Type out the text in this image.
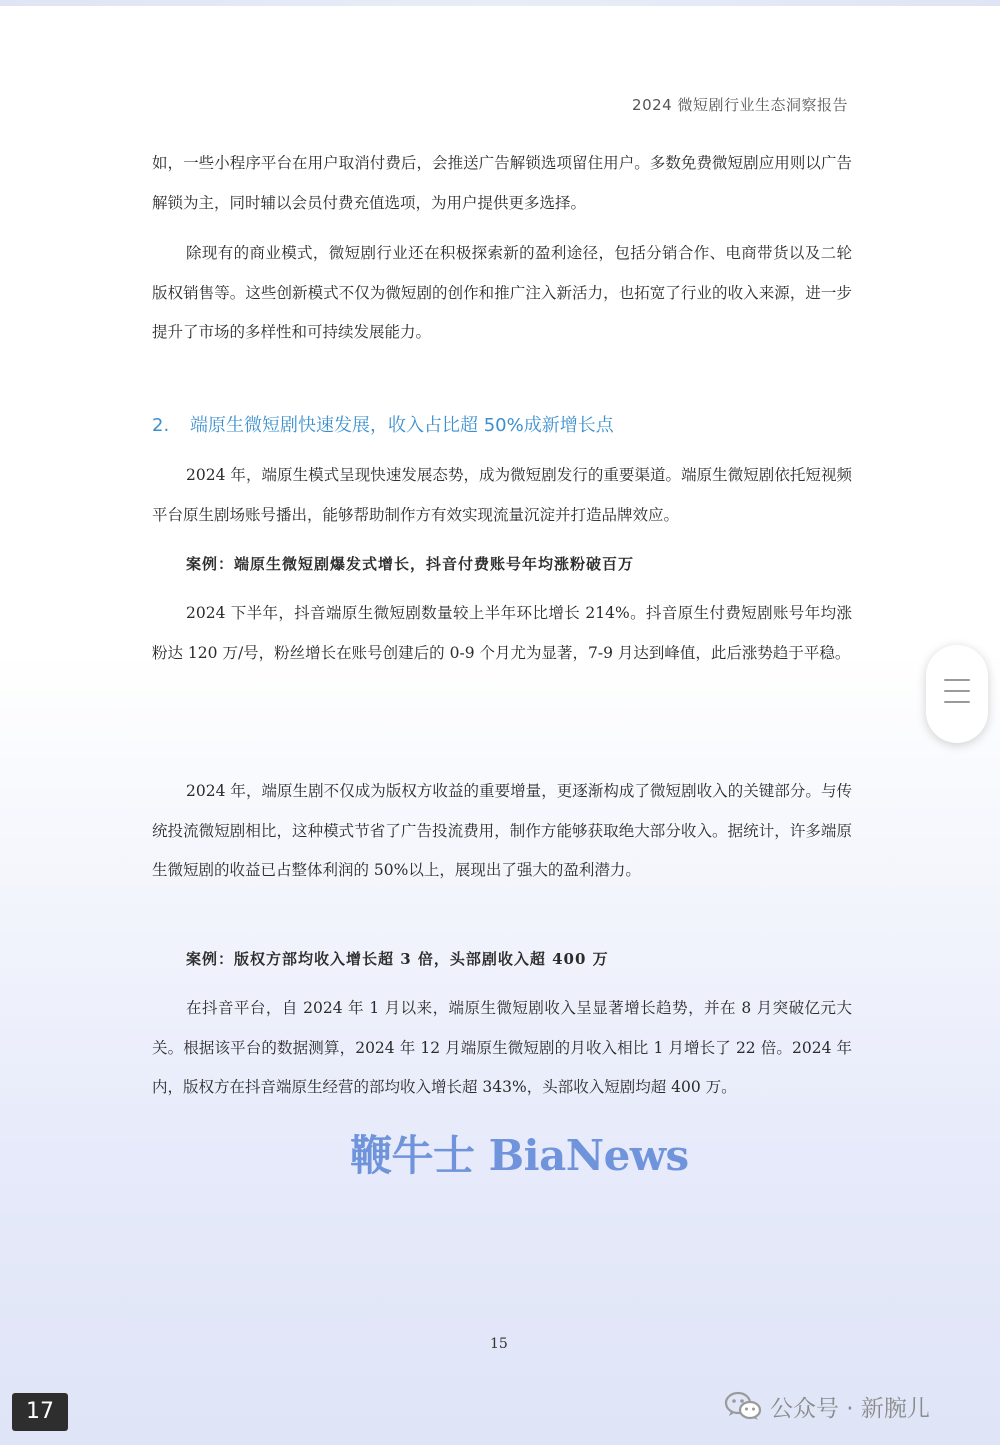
2024 微短剧行业生态洞察报告

如，一些小程序平台在用户取消付费后，会推送广告解锁选项留住用户。多数免费微短剧应用则以广告解锁为主，同时辅以会员付费充值选项，为用户提供更多选择。

除现有的商业模式，微短剧行业还在积极探索新的盈利途径，包括分销合作、电商带货以及二轮版权销售等。这些创新模式不仅为微短剧的创作和推广注入新活力，也拓宽了行业的收入来源，进一步提升了市场的多样性和可持续发展能力。

2. 端原生微短剧快速发展，收入占比超 50%成新增长点

2024 年，端原生模式呈现快速发展态势，成为微短剧发行的重要渠道。端原生微短剧依托短视频平台原生剧场账号播出，能够帮助制作方有效实现流量沉淀并打造品牌效应。

案例：端原生微短剧爆发式增长，抖音付费账号年均涨粉破百万

2024 下半年，抖音端原生微短剧数量较上半年环比增长 214%。抖音原生付费短剧账号年均涨粉达 120 万/号，粉丝增长在账号创建后的 0-9 个月尤为显著，7-9 月达到峰值，此后涨势趋于平稳。

2024 年，端原生剧不仅成为版权方收益的重要增量，更逐渐构成了微短剧收入的关键部分。与传统投流微短剧相比，这种模式节省了广告投流费用，制作方能够获取绝大部分收入。据统计，许多端原生微短剧的收益已占整体利润的 50%以上，展现出了强大的盈利潜力。

案例：版权方部均收入增长超 3 倍，头部剧收入超 400 万

在抖音平台，自 2024 年 1 月以来，端原生微短剧收入呈显著增长趋势，并在 8 月突破亿元大关。根据该平台的数据测算，2024 年 12 月端原生微短剧的月收入相比 1 月增长了 22 倍。2024 年内，版权方在抖音端原生经营的部均收入增长超 343%，头部收入短剧均超 400 万。

鞭牛士 BiaNews
15
17	公众号 · 新腕儿
